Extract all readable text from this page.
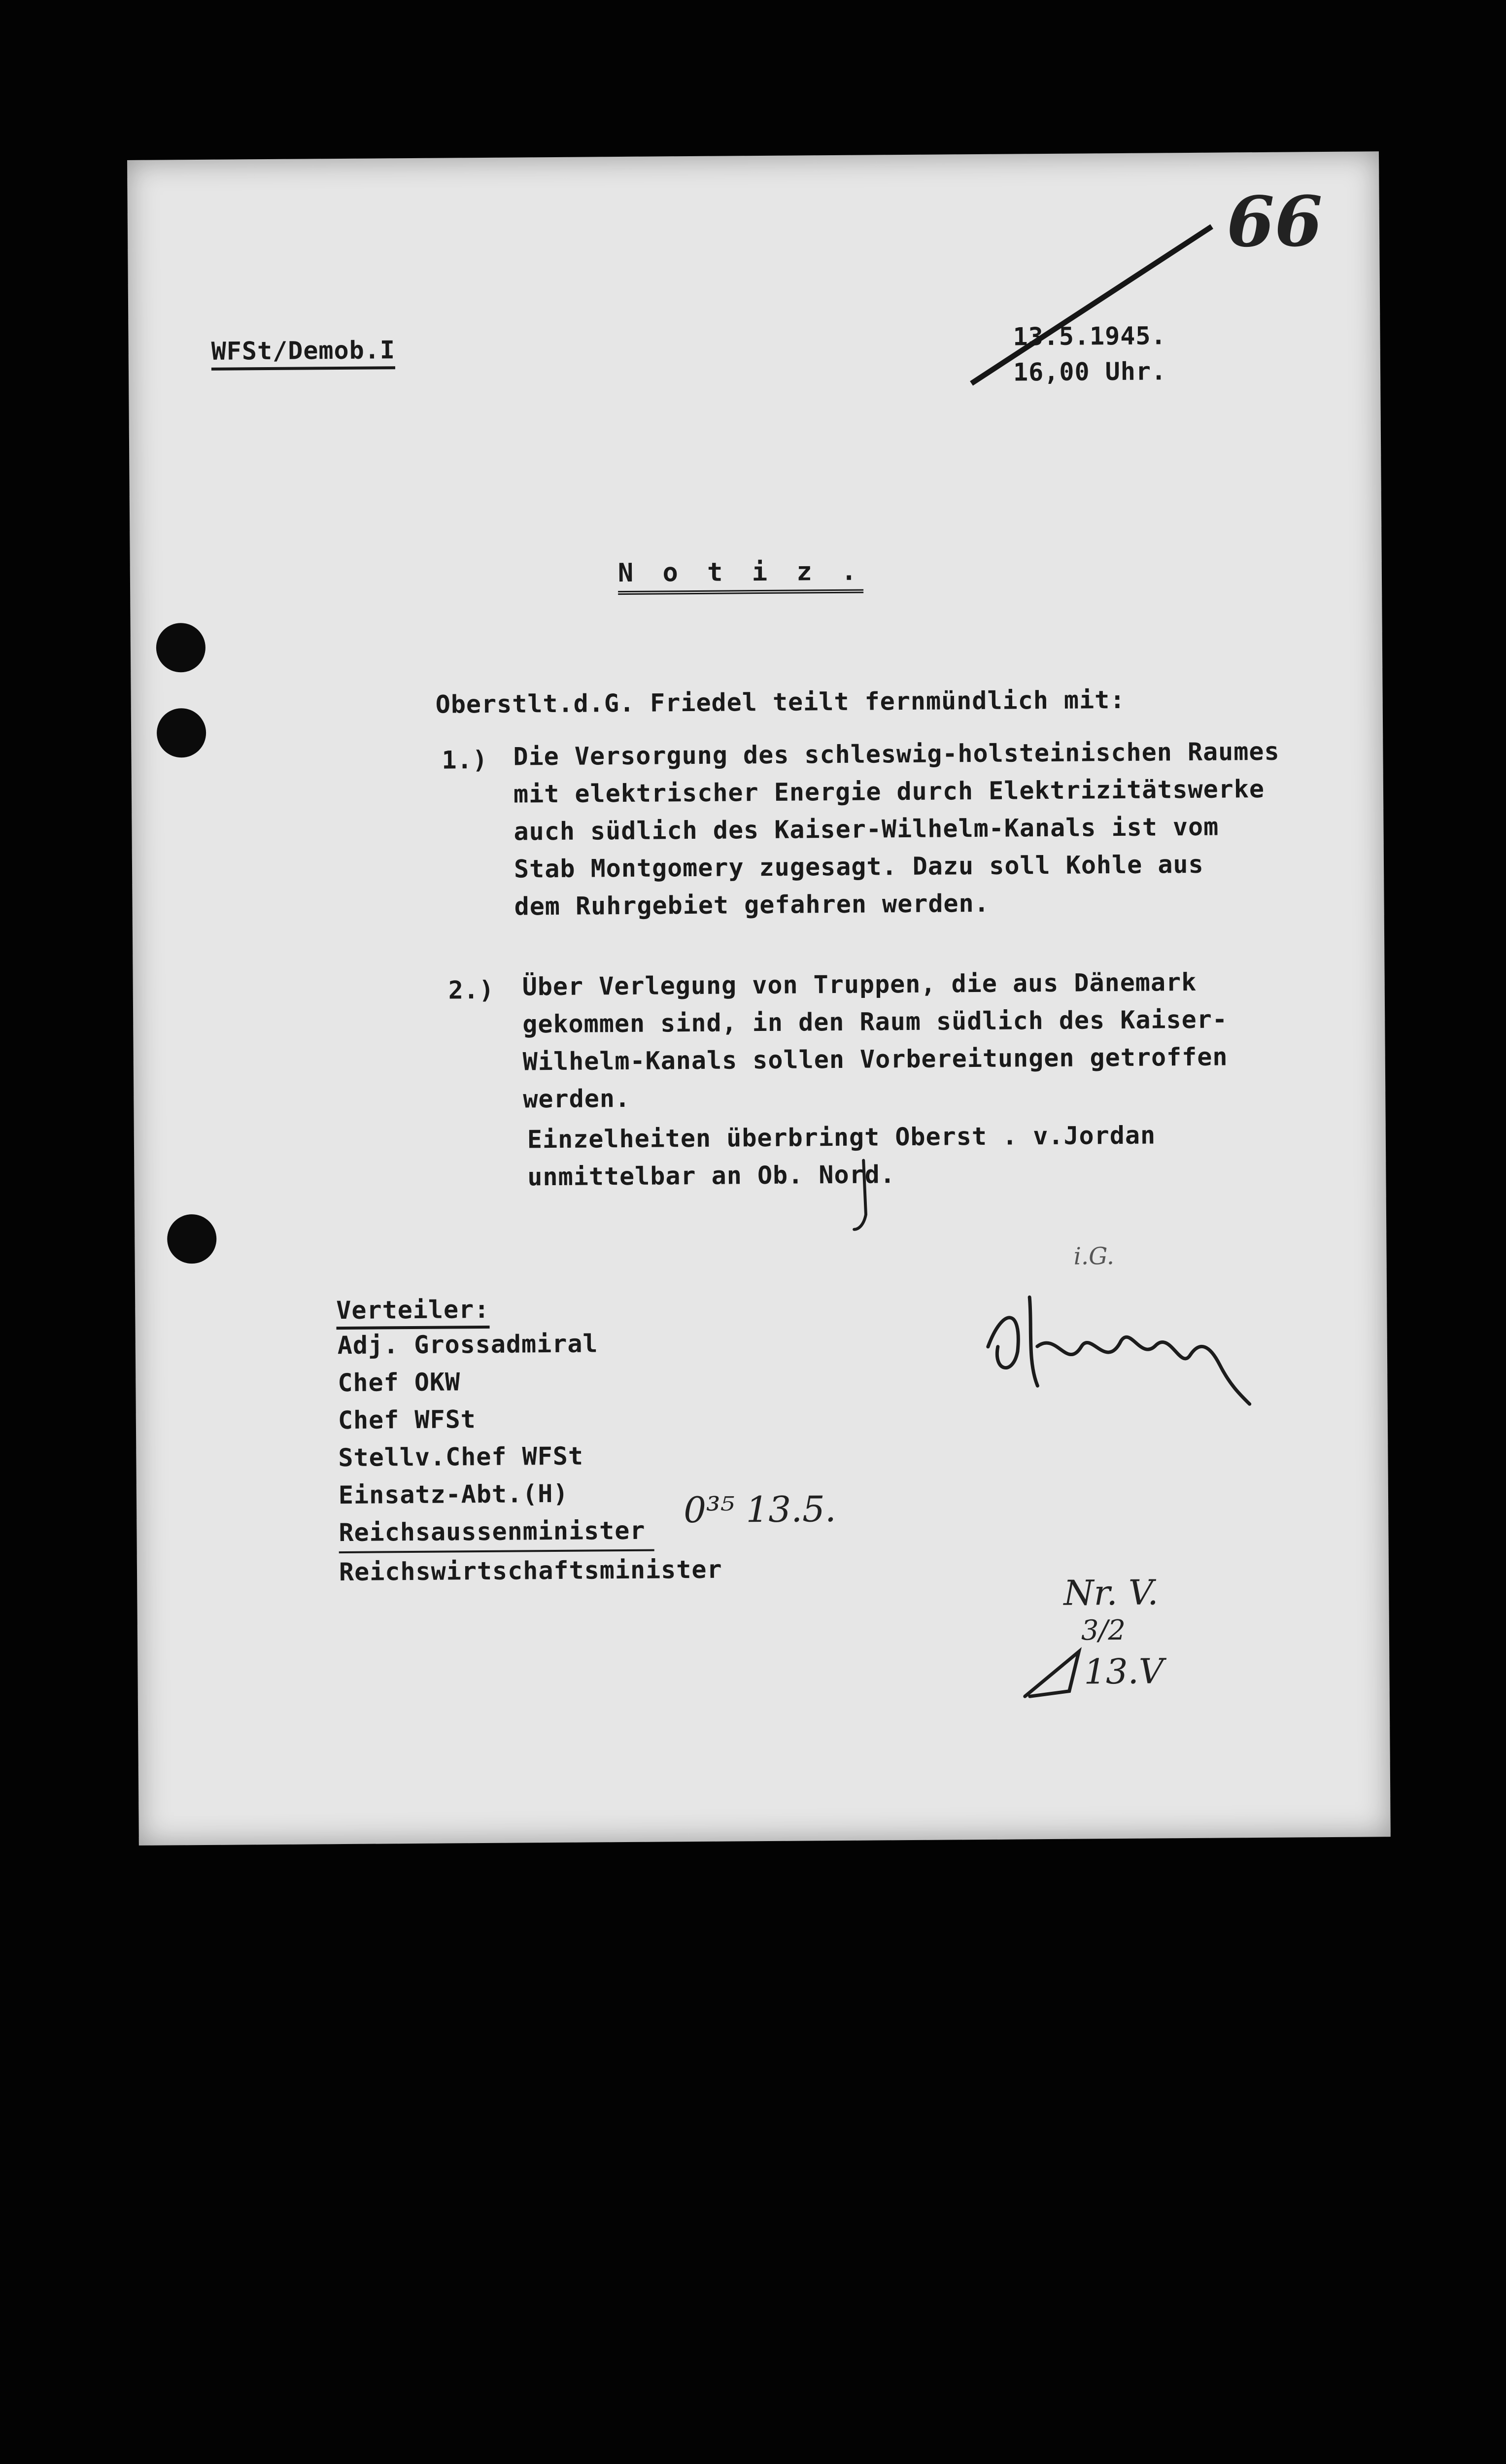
WFSt/Demob.I	13.5.1945.
16,00 Uhr.
66
N o t i z .
Oberstlt.d.G. Friedel teilt fernmündlich mit:
1.) Die Versorgung des schleswig-holsteinischen Raumes
mit elektrischer Energie durch Elektrizitätswerke
auch südlich des Kaiser-Wilhelm-Kanals ist vom
Stab Montgomery zugesagt. Dazu soll Kohle aus
dem Ruhrgebiet gefahren werden.
2.) Über Verlegung von Truppen, die aus Dänemark
gekommen sind, in den Raum südlich des Kaiser-
Wilhelm-Kanals sollen Vorbereitungen getroffen
werden.
Einzelheiten überbringt Oberst . v.Jordan
unmittelbar an Ob. Nord.
Verteiler:
Adj. Grossadmiral
Chef OKW
Chef WFSt
Stellv.Chef WFSt
Einsatz-Abt.(H)
Reichsaussenminister
Reichswirtschaftsminister
i.G.
0³⁵ 13.5.
Nr. V.
3/2
13.V
